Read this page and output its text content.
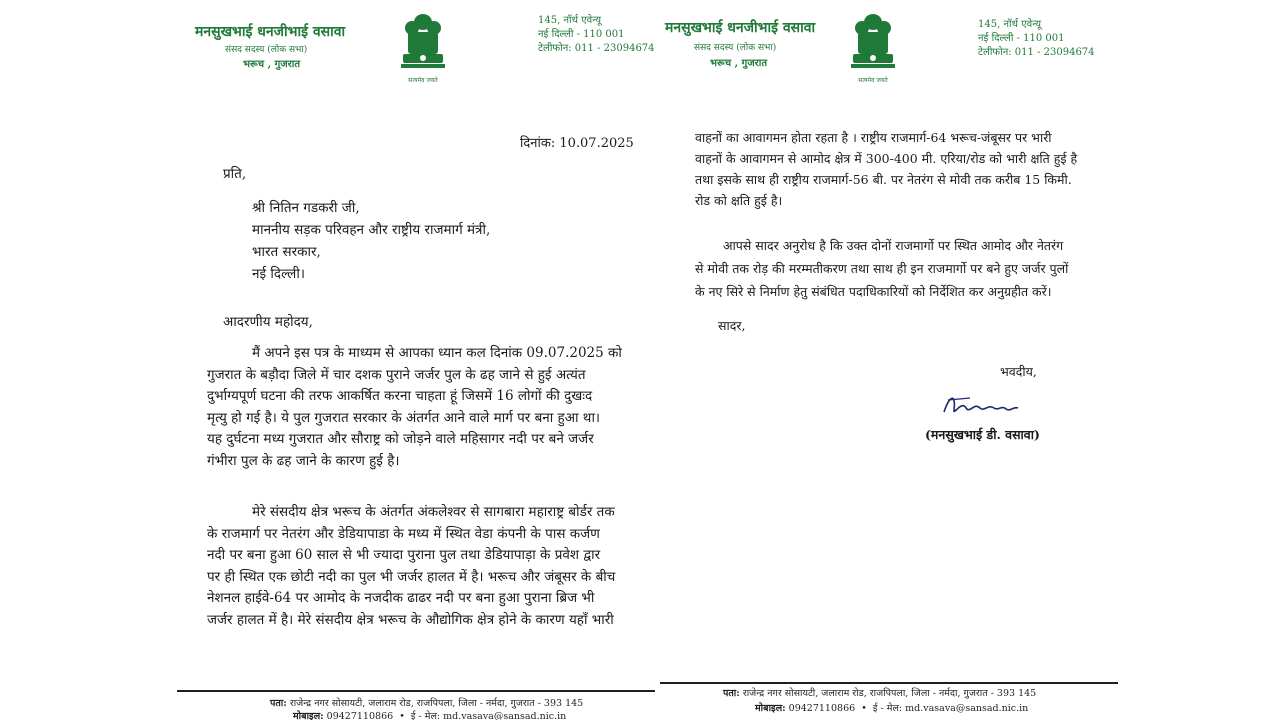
मनसुखभाई धनजीभाई वसावा
संसद सदस्य (लोक सभा)
भरूच , गुजरात
सत्यमेव जयते
145, नॉर्थ एवेन्यू
नई दिल्ली - 110 001
टेलीफोन: 011 - 23094674
दिनांक: 10.07.2025
प्रति,
श्री नितिन गडकरी जी,
माननीय सड़क परिवहन और राष्ट्रीय राजमार्ग मंत्री,
भारत सरकार,
नई दिल्ली।
आदरणीय महोदय,
मैं अपने इस पत्र के माध्यम से आपका ध्यान कल दिनांक 09.07.2025 को
गुजरात के बड़ौदा जिले में चार दशक पुराने जर्जर पुल के ढह जाने से हुई अत्यंत
दुर्भाग्यपूर्ण घटना की तरफ आकर्षित करना चाहता हूं जिसमें 16 लोगों की दुखःद
मृत्यु हो गई है। ये पुल गुजरात सरकार के अंतर्गत आने वाले मार्ग पर बना हुआ था।
यह दुर्घटना मध्य गुजरात और सौराष्ट्र को जोड़ने वाले महिसागर नदी पर बने जर्जर
गंभीरा पुल के ढह जाने के कारण हुई है।
मेरे संसदीय क्षेत्र भरूच के अंतर्गत अंकलेश्वर से सागबारा महाराष्ट्र बोर्डर तक
के राजमार्ग पर नेतरंग और डेडियापाडा के मध्य में स्थित वेडा कंपनी के पास कर्जण
नदी पर बना हुआ 60 साल से भी ज्यादा पुराना पुल तथा डेडियापाड़ा के प्रवेश द्वार
पर ही स्थित एक छोटी नदी का पुल भी जर्जर हालत में है। भरूच और जंबूसर के बीच
नेशनल हाईवे-64 पर आमोद के नजदीक ढाढर नदी पर बना हुआ पुराना ब्रिज भी
जर्जर हालत में है। मेरे संसदीय क्षेत्र भरूच के औद्योगिक क्षेत्र होने के कारण यहाँ भारी
पता: राजेन्द्र नगर सोसायटी, जलाराम रोड, राजपिपला, जिला - नर्मदा, गुजरात - 393 145
मोबाइल: 09427110866  •  ई - मेल: md.vasava@sansad.nic.in
मनसुखभाई धनजीभाई वसावा
संसद सदस्य (लोक सभा)
भरूच , गुजरात
सत्यमेव जयते
145, नॉर्थ एवेन्यू
नई दिल्ली - 110 001
टेलीफोन: 011 - 23094674
वाहनों का आवागमन होता रहता है । राष्ट्रीय राजमार्ग-64 भरूच-जंबूसर पर भारी
वाहनों के आवागमन से आमोद क्षेत्र में 300-400 मी. एरिया/रोड को भारी क्षति हुई है
तथा इसके साथ ही राष्ट्रीय राजमार्ग-56 बी. पर नेतरंग से मोवी तक करीब 15 किमी.
रोड को क्षति हुई है।
आपसे सादर अनुरोध है कि उक्त दोनों राजमार्गो पर स्थित आमोद और नेतरंग
से मोवी तक रोड़ की मरम्मतीकरण तथा साथ ही इन राजमार्गो पर बने हुए जर्जर पुलों
के नए सिरे से निर्माण हेतु संबंधित पदाधिकारियों को निर्देशित कर अनुग्रहीत करें।
सादर,
भवदीय,
(मनसुखभाई डी. वसावा)
पता: राजेन्द्र नगर सोसायटी, जलाराम रोड, राजपिपला, जिला - नर्मदा, गुजरात - 393 145
मोबाइल: 09427110866  •  ई - मेल: md.vasava@sansad.nic.in
